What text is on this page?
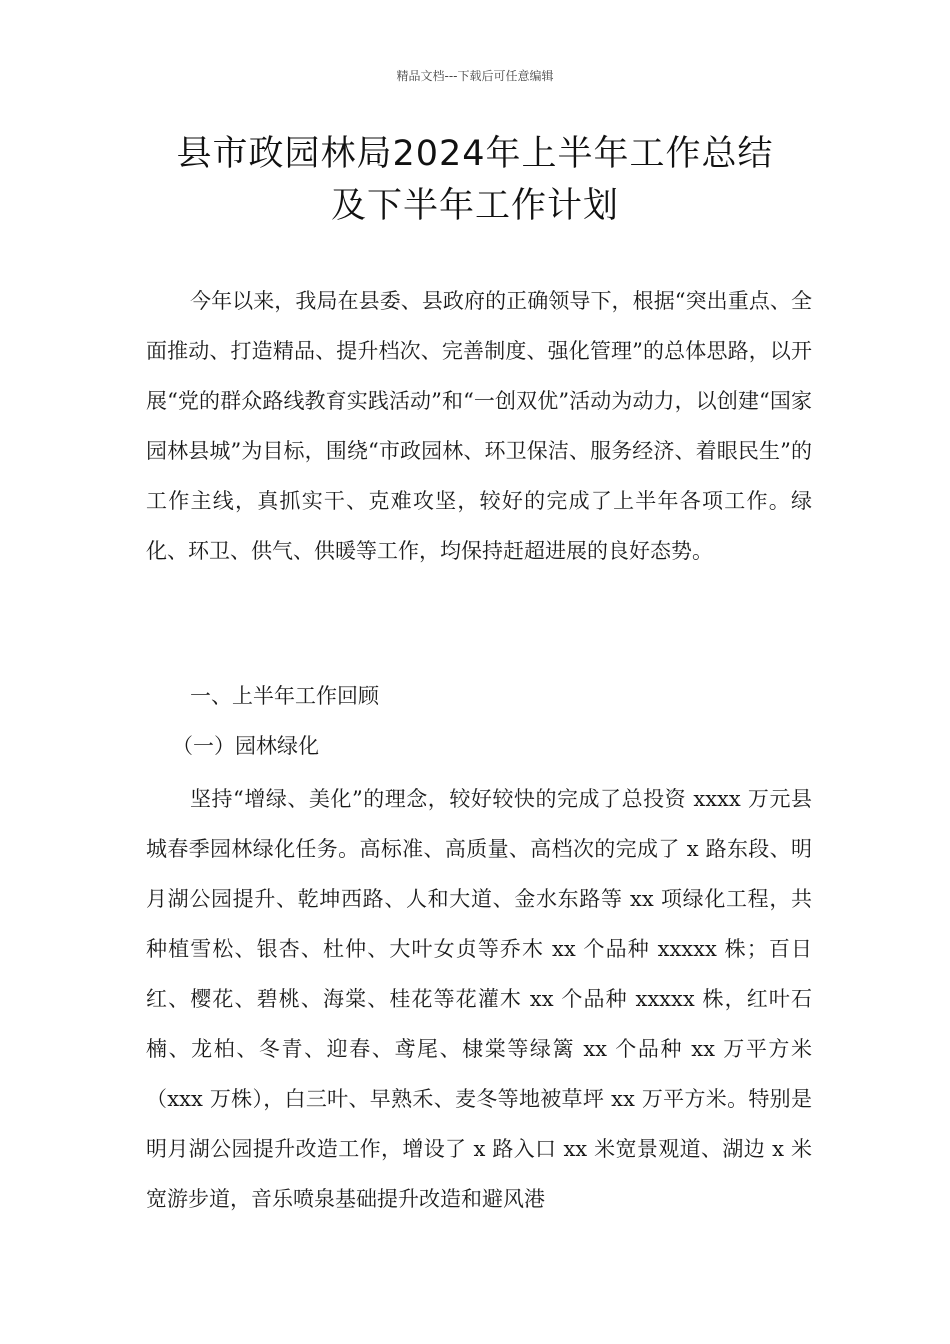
精品文档---下载后可任意编辑
县市政园林局2024年上半年工作总结
及下半年工作计划

今年以来，我局在县委、县政府的正确领导下，根据“突出重点、全面推动、打造精品、提升档次、完善制度、强化管理”的总体思路，以开展“党的群众路线教育实践活动”和“一创双优”活动为动力，以创建“国家园林县城”为目标，围绕“市政园林、环卫保洁、服务经济、着眼民生”的工作主线，真抓实干、克难攻坚，较好的完成了上半年各项工作。绿化、环卫、供气、供暖等工作，均保持赶超进展的良好态势。

一、上半年工作回顾
（一）园林绿化

坚持“增绿、美化”的理念，较好较快的完成了总投资 xxxx 万元县城春季园林绿化任务。高标准、高质量、高档次的完成了 x 路东段、明月湖公园提升、乾坤西路、人和大道、金水东路等 xx 项绿化工程，共种植雪松、银杏、杜仲、大叶女贞等乔木 xx 个品种 xxxxx 株；百日红、樱花、碧桃、海棠、桂花等花灌木 xx 个品种 xxxxx 株，红叶石楠、龙柏、冬青、迎春、鸢尾、棣棠等绿篱 xx 个品种 xx 万平方米（xxx 万株），白三叶、早熟禾、麦冬等地被草坪 xx 万平方米。特别是明月湖公园提升改造工作，增设了 x 路入口 xx 米宽景观道、湖边 x 米宽游步道，音乐喷泉基础提升改造和避风港
